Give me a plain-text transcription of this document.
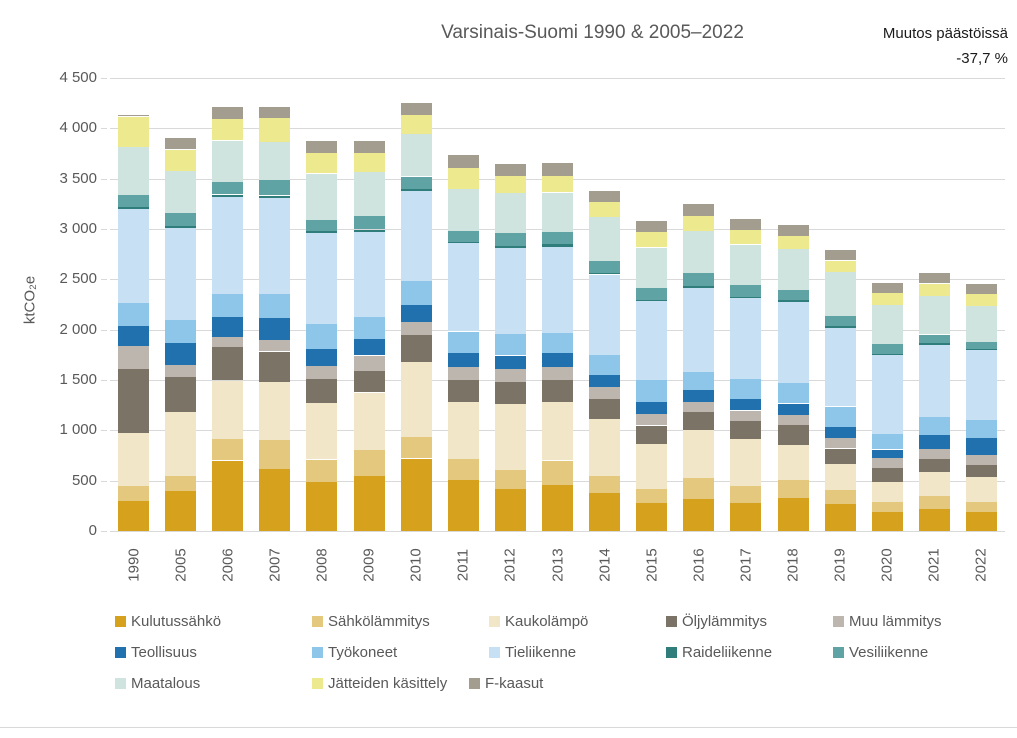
Varsinais-Suomi 1990 & 2005–2022	Muutos päästöissä
-37,7 %
ktCO₂e
0
500
1 000
1 500
2 000
2 500
3 000
3 500
4 000
4 500
1990 2005 2006 2007 2008 2009 2010 2011 2012 2013 2014 2015 2016 2017 2018 2019 2020 2021 2022
Kulutussähkö	Sähkölämmitys	Kaukolämpö	Öljylämmitys	Muu lämmitys
Teollisuus	Työkoneet	Tieliikenne	Raideliikenne	Vesiliikenne
Maatalous	Jätteiden käsittely	F-kaasut
